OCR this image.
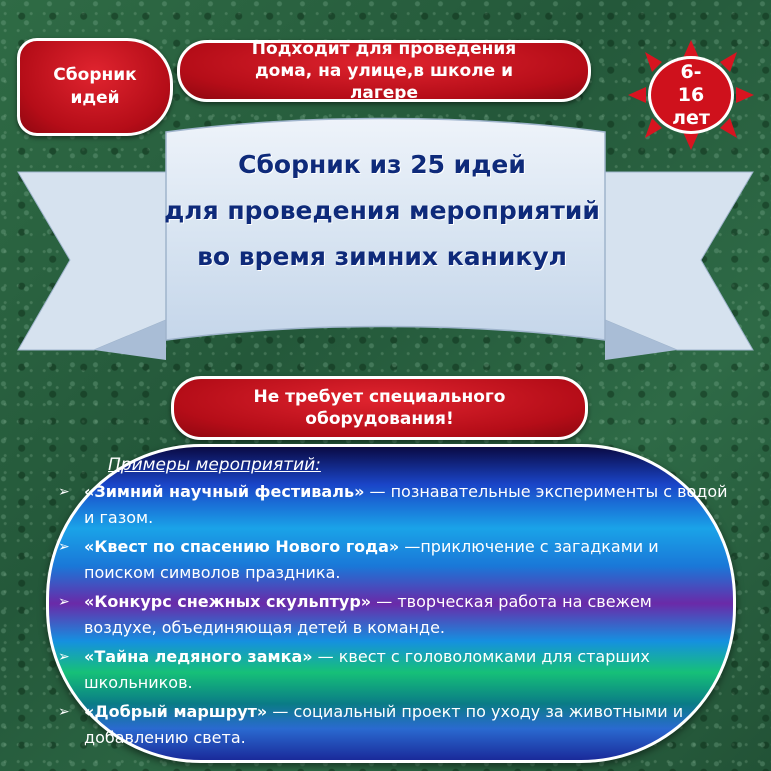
Сборник идей
Подходит для проведения дома, на улице,в школе и лагере
6-16 лет
Сборник из 25 идей
для проведения мероприятий
во время зимних каникул
Не требует специального оборудования!
Примеры мероприятий:
➢ «Зимний научный фестиваль» — познавательные эксперименты с водой и газом.
➢ «Квест по спасению Нового года» —приключение с загадками и поиском символов праздника.
➢ «Конкурс снежных скульптур» — творческая работа на свежем воздухе, объединяющая детей в команде.
➢ «Тайна ледяного замка» — квест с головоломками для старших школьников.
➢ «Добрый маршрут» — социальный проект по уходу за животными и добавлению света.
